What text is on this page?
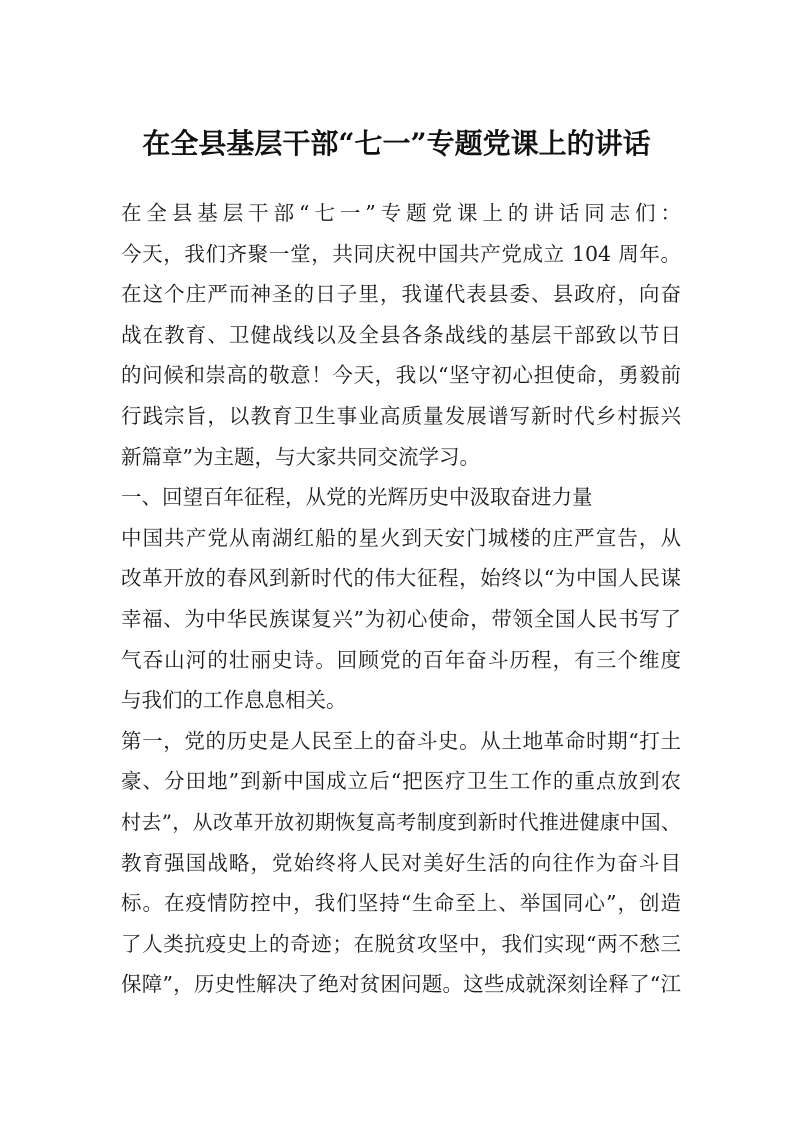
在全县基层干部“七一”专题党课上的讲话
在全县基层干部“七一”专题党课上的讲话同志们：
今天，我们齐聚一堂，共同庆祝中国共产党成立 104 周年。
在这个庄严而神圣的日子里，我谨代表县委、县政府，向奋
战在教育、卫健战线以及全县各条战线的基层干部致以节日
的问候和崇高的敬意！今天，我以“坚守初心担使命，勇毅前
行践宗旨，以教育卫生事业高质量发展谱写新时代乡村振兴
新篇章”为主题，与大家共同交流学习。
一、回望百年征程，从党的光辉历史中汲取奋进力量
中国共产党从南湖红船的星火到天安门城楼的庄严宣告，从
改革开放的春风到新时代的伟大征程，始终以“为中国人民谋
幸福、为中华民族谋复兴”为初心使命，带领全国人民书写了
气吞山河的壮丽史诗。回顾党的百年奋斗历程，有三个维度
与我们的工作息息相关。
第一，党的历史是人民至上的奋斗史。从土地革命时期“打土
豪、分田地”到新中国成立后“把医疗卫生工作的重点放到农
村去”，从改革开放初期恢复高考制度到新时代推进健康中国、
教育强国战略，党始终将人民对美好生活的向往作为奋斗目
标。在疫情防控中，我们坚持“生命至上、举国同心”，创造
了人类抗疫史上的奇迹；在脱贫攻坚中，我们实现“两不愁三
保障”，历史性解决了绝对贫困问题。这些成就深刻诠释了“江
